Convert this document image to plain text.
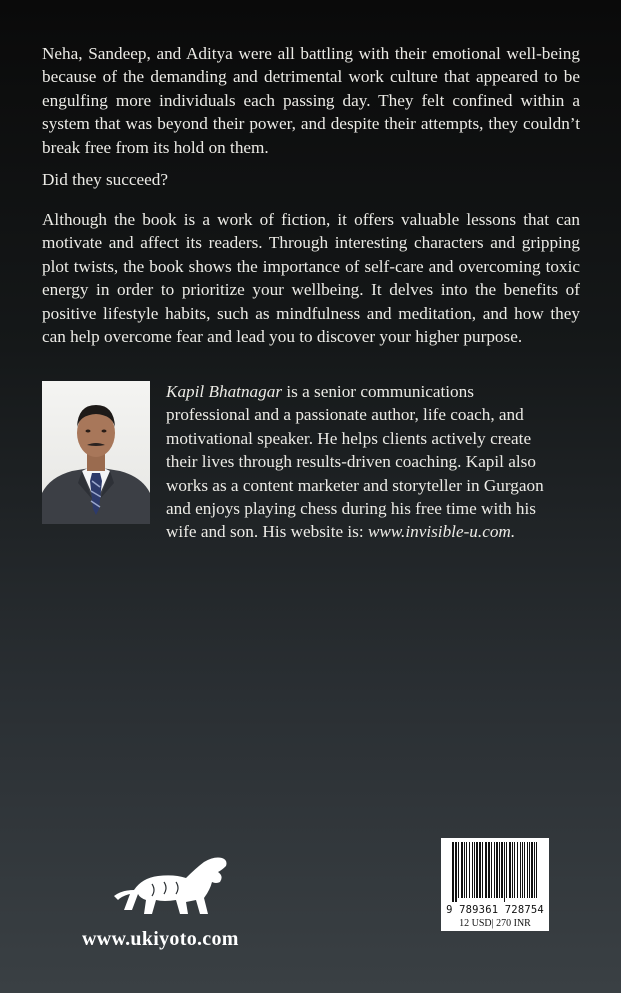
Neha, Sandeep, and Aditya were all battling with their emotional well-being because of the demanding and detrimental work culture that appeared to be engulfing more individuals each passing day. They felt confined within a system that was beyond their power, and despite their attempts, they couldn’t break free from its hold on them.

Did they succeed?

Although the book is a work of fiction, it offers valuable lessons that can motivate and affect its readers. Through interesting characters and gripping plot twists, the book shows the importance of self-care and overcoming toxic energy in order to prioritize your wellbeing. It delves into the benefits of positive lifestyle habits, such as mindfulness and meditation, and how they can help overcome fear and lead you to discover your higher purpose.

Kapil Bhatnagar is a senior communications professional and a passionate author, life coach, and motivational speaker. He helps clients actively create their lives through results-driven coaching. Kapil also works as a content marketer and storyteller in Gurgaon and enjoys playing chess during his free time with his wife and son. His website is: www.invisible-u.com.

www.ukiyoto.com
9 789361 728754
12 USD| 270 INR
